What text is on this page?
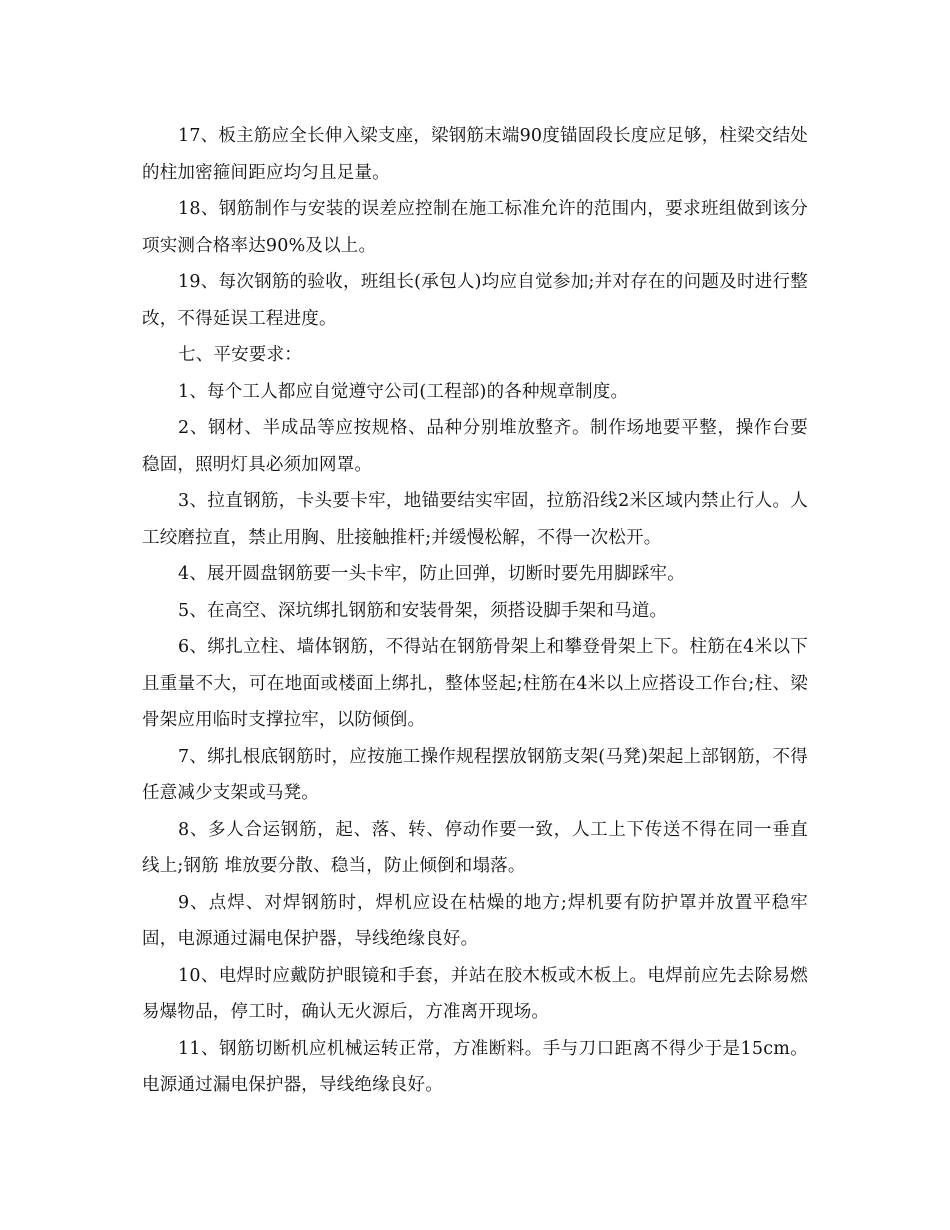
17、板主筋应全长伸入梁支座，梁钢筋末端90度锚固段长度应足够，柱梁交结处的柱加密箍间距应均匀且足量。

18、钢筋制作与安装的误差应控制在施工标准允许的范围内，要求班组做到该分项实测合格率达90%及以上。

19、每次钢筋的验收，班组长(承包人)均应自觉参加;并对存在的问题及时进行整改，不得延误工程进度。

七、平安要求：

1、每个工人都应自觉遵守公司(工程部)的各种规章制度。

2、钢材、半成品等应按规格、品种分别堆放整齐。制作场地要平整，操作台要稳固，照明灯具必须加网罩。

3、拉直钢筋，卡头要卡牢，地锚要结实牢固，拉筋沿线2米区域内禁止行人。人工绞磨拉直，禁止用胸、肚接触推杆;并缓慢松解，不得一次松开。

4、展开圆盘钢筋要一头卡牢，防止回弹，切断时要先用脚踩牢。

5、在高空、深坑绑扎钢筋和安装骨架，须搭设脚手架和马道。

6、绑扎立柱、墙体钢筋，不得站在钢筋骨架上和攀登骨架上下。柱筋在4米以下且重量不大，可在地面或楼面上绑扎，整体竖起;柱筋在4米以上应搭设工作台;柱、梁骨架应用临时支撑拉牢，以防倾倒。

7、绑扎根底钢筋时，应按施工操作规程摆放钢筋支架(马凳)架起上部钢筋，不得任意减少支架或马凳。

8、多人合运钢筋，起、落、转、停动作要一致，人工上下传送不得在同一垂直线上;钢筋 堆放要分散、稳当，防止倾倒和塌落。

9、点焊、对焊钢筋时，焊机应设在枯燥的地方;焊机要有防护罩并放置平稳牢固，电源通过漏电保护器，导线绝缘良好。

10、电焊时应戴防护眼镜和手套，并站在胶木板或木板上。电焊前应先去除易燃易爆物品，停工时，确认无火源后，方准离开现场。

11、钢筋切断机应机械运转正常，方准断料。手与刀口距离不得少于是15cm。电源通过漏电保护器，导线绝缘良好。
